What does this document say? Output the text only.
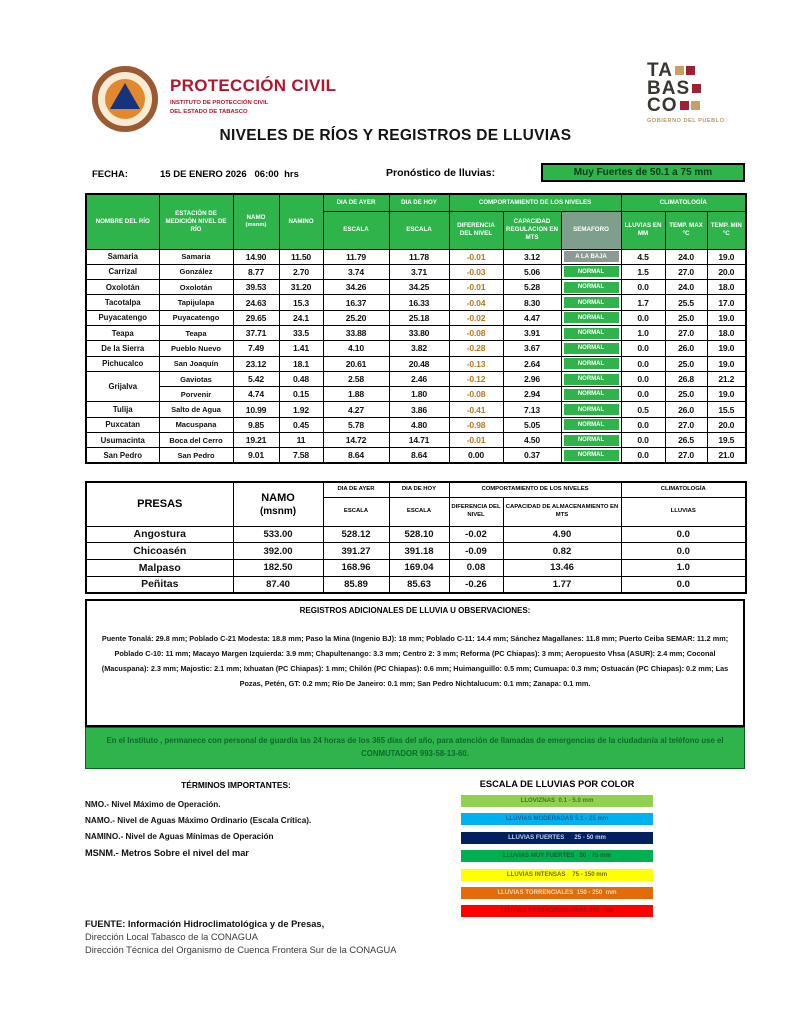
PROTECCIÓN CIVIL
INSTITUTO DE PROTECCIÓN CIVIL
DEL ESTADO DE TABASCO
TA
BAS
CO
GOBIERNO DEL PUEBLO
NIVELES DE RÍOS Y REGISTROS DE LLUVIAS
FECHA:	15 DE ENERO 2026   06:00  hrs	Pronóstico de lluvias:	Muy Fuertes de 50.1 a 75 mm
NOMBRE DEL RÍO	ESTACIÓN DE MEDICIÓN NIVEL DE RÍO	NAMO
(msnm)	NAMINO	DIA DE AYER	DIA DE HOY	COMPORTAMIENTO DE LOS NIVELES			CLIMATOLOGÍA		
				ESCALA	ESCALA	DIFERENCIA DEL NIVEL	CAPACIDAD REGULACION EN MTS	SEMAFORO	LLUVIAS EN MM	TEMP. MAX °C	TEMP. MIN °C
Samaria	Samaria	14.90	11.50	11.79	11.78	-0.01	3.12	A LA BAJA	4.5	24.0	19.0
Carrizal	González	8.77	2.70	3.74	3.71	-0.03	5.06	NORMAL	1.5	27.0	20.0
Oxolotán	Oxolotán	39.53	31.20	34.26	34.25	-0.01	5.28	NORMAL	0.0	24.0	18.0
Tacotalpa	Tapijulapa	24.63	15.3	16.37	16.33	-0.04	8.30	NORMAL	1.7	25.5	17.0
Puyacatengo	Puyacatengo	29.65	24.1	25.20	25.18	-0.02	4.47	NORMAL	0.0	25.0	19.0
Teapa	Teapa	37.71	33.5	33.88	33.80	-0.08	3.91	NORMAL	1.0	27.0	18.0
De la Sierra	Pueblo Nuevo	7.49	1.41	4.10	3.82	-0.28	3.67	NORMAL	0.0	26.0	19.0
Pichucalco	San Joaquín	23.12	18.1	20.61	20.48	-0.13	2.64	NORMAL	0.0	25.0	19.0
Grijalva	Gaviotas	5.42	0.48	2.58	2.46	-0.12	2.96	NORMAL	0.0	26.8	21.2
	Porvenir	4.74	0.15	1.88	1.80	-0.08	2.94	NORMAL	0.0	25.0	19.0
Tulija	Salto de Agua	10.99	1.92	4.27	3.86	-0.41	7.13	NORMAL	0.5	26.0	15.5
Puxcatan	Macuspana	9.85	0.45	5.78	4.80	-0.98	5.05	NORMAL	0.0	27.0	20.0
Usumacinta	Boca del Cerro	19.21	11	14.72	14.71	-0.01	4.50	NORMAL	0.0	26.5	19.5
San Pedro	San Pedro	9.01	7.58	8.64	8.64	0.00	0.37	NORMAL	0.0	27.0	21.0
PRESAS	NAMO
(msnm)	DIA DE AYER	DIA DE HOY	COMPORTAMIENTO DE LOS NIVELES		CLIMATOLOGÍA
		ESCALA	ESCALA	DIFERENCIA DEL NIVEL	CAPACIDAD DE ALMACENAMIENTO EN MTS	LLUVIAS
Angostura	533.00	528.12	528.10	-0.02	4.90	0.0
Chicoasén	392.00	391.27	391.18	-0.09	0.82	0.0
Malpaso	182.50	168.96	169.04	0.08	13.46	1.0
Peñitas	87.40	85.89	85.63	-0.26	1.77	0.0
REGISTROS ADICIONALES DE LLUVIA U OBSERVACIONES:
Puente Tonalá: 29.8 mm; Poblado C-21 Modesta: 18.8 mm; Paso la Mina (Ingenio BJ): 18 mm; Poblado C-11: 14.4 mm; Sánchez Magallanes: 11.8 mm; Puerto Ceiba SEMAR: 11.2 mm; Poblado C-10: 11 mm; Macayo Margen Izquierda: 3.9 mm; Chapultenango: 3.3 mm; Centro 2: 3 mm; Reforma (PC Chiapas): 3 mm; Aeropuesto Vhsa (ASUR): 2.4 mm; Coconal (Macuspana): 2.3 mm; Majostic: 2.1 mm; Ixhuatan (PC Chiapas): 1 mm; Chilón (PC Chiapas): 0.6 mm; Huimanguillo: 0.5 mm; Cumuapa: 0.3 mm; Ostuacán (PC Chiapas): 0.2 mm; Las Pozas, Petén, GT: 0.2 mm; Río De Janeiro: 0.1 mm; San Pedro Nichtalucum: 0.1 mm; Zanapa: 0.1 mm.
En el Instituto , permanece con personal de guardia las 24 horas de los 365 días del año, para atención de llamadas de emergencias de la ciudadanía al teléfono use el CONMUTADOR 993-58-13-60.
TÉRMINOS IMPORTANTES:
NMO.- Nivel Máximo de Operación.
NAMO.- Nivel de Aguas Máximo Ordinario (Escala Crítica).
NAMINO.- Nivel de Aguas Mínimas de Operación
MSNM.- Metros Sobre el nivel del mar
ESCALA DE LLUVIAS POR COLOR
LLOVIZNAS  0.1 - 5.0 mm
LLUVIAS MODERADAS 5.1 - 25 mm
LLUVIAS FUERTES      25 - 50 mm
LLUVIAS MUY FUERTES   50 - 75 mm
LLUVIAS INTENSAS    75 - 150 mm
LLUVIAS TORRENCIALES  150 - 250  mm
LLUVIAS EXTRAORDINARIAS 250  mm
FUENTE: Información Hidroclimatológica y de Presas,
Dirección Local Tabasco de la CONAGUA
Dirección Técnica del Organismo de Cuenca Frontera Sur de la CONAGUA
